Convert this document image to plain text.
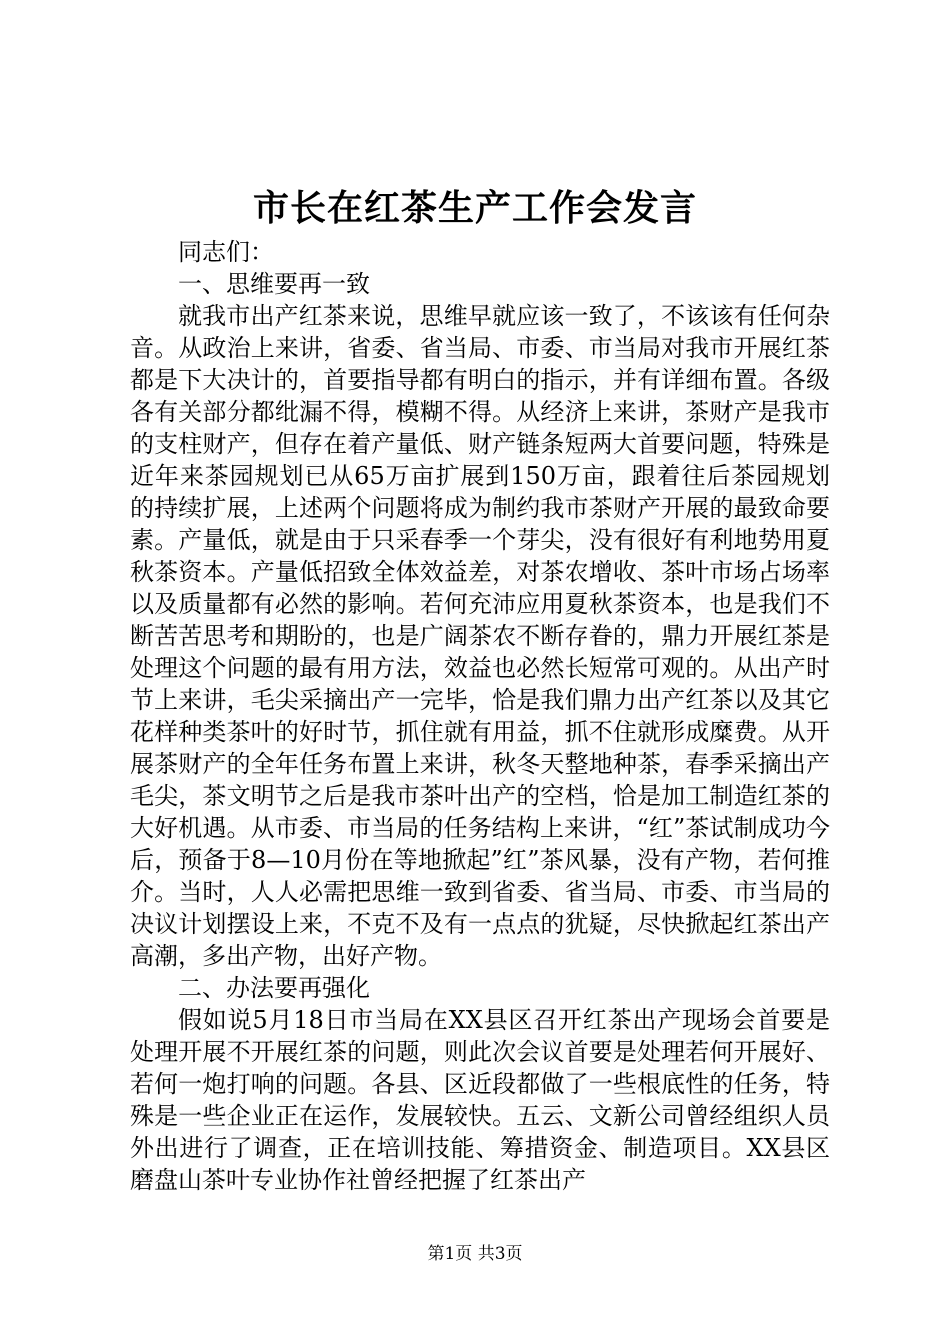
市长在红茶生产工作会发言

同志们：

一、思维要再一致

就我市出产红茶来说，思维早就应该一致了，不该该有任何杂音。从政治上来讲，省委、省当局、市委、市当局对我市开展红茶都是下大决计的，首要指导都有明白的指示，并有详细布置。各级各有关部分都纰漏不得，模糊不得。从经济上来讲，茶财产是我市的支柱财产，但存在着产量低、财产链条短两大首要问题，特殊是近年来茶园规划已从65万亩扩展到150万亩，跟着往后茶园规划的持续扩展，上述两个问题将成为制约我市茶财产开展的最致命要素。产量低，就是由于只采春季一个芽尖，没有很好有利地势用夏秋茶资本。产量低招致全体效益差，对茶农增收、茶叶市场占场率以及质量都有必然的影响。若何充沛应用夏秋茶资本，也是我们不断苦苦思考和期盼的，也是广阔茶农不断存眷的，鼎力开展红茶是处理这个问题的最有用方法，效益也必然长短常可观的。从出产时节上来讲，毛尖采摘出产一完毕，恰是我们鼎力出产红茶以及其它花样种类茶叶的好时节，抓住就有用益，抓不住就形成糜费。从开展茶财产的全年任务布置上来讲，秋冬天整地种茶，春季采摘出产毛尖，茶文明节之后是我市茶叶出产的空档，恰是加工制造红茶的大好机遇。从市委、市当局的任务结构上来讲，“红”茶试制成功今后，预备于8—10月份在等地掀起”红”茶风暴，没有产物，若何推介。当时，人人必需把思维一致到省委、省当局、市委、市当局的决议计划摆设上来，不克不及有一点点的犹疑，尽快掀起红茶出产高潮，多出产物，出好产物。

二、办法要再强化

假如说5月18日市当局在XX县区召开红茶出产现场会首要是处理开展不开展红茶的问题，则此次会议首要是处理若何开展好、若何一炮打响的问题。各县、区近段都做了一些根底性的任务，特殊是一些企业正在运作，发展较快。五云、文新公司曾经组织人员外出进行了调查，正在培训技能、筹措资金、制造项目。XX县区磨盘山茶叶专业协作社曾经把握了红茶出产

第1页 共3页
